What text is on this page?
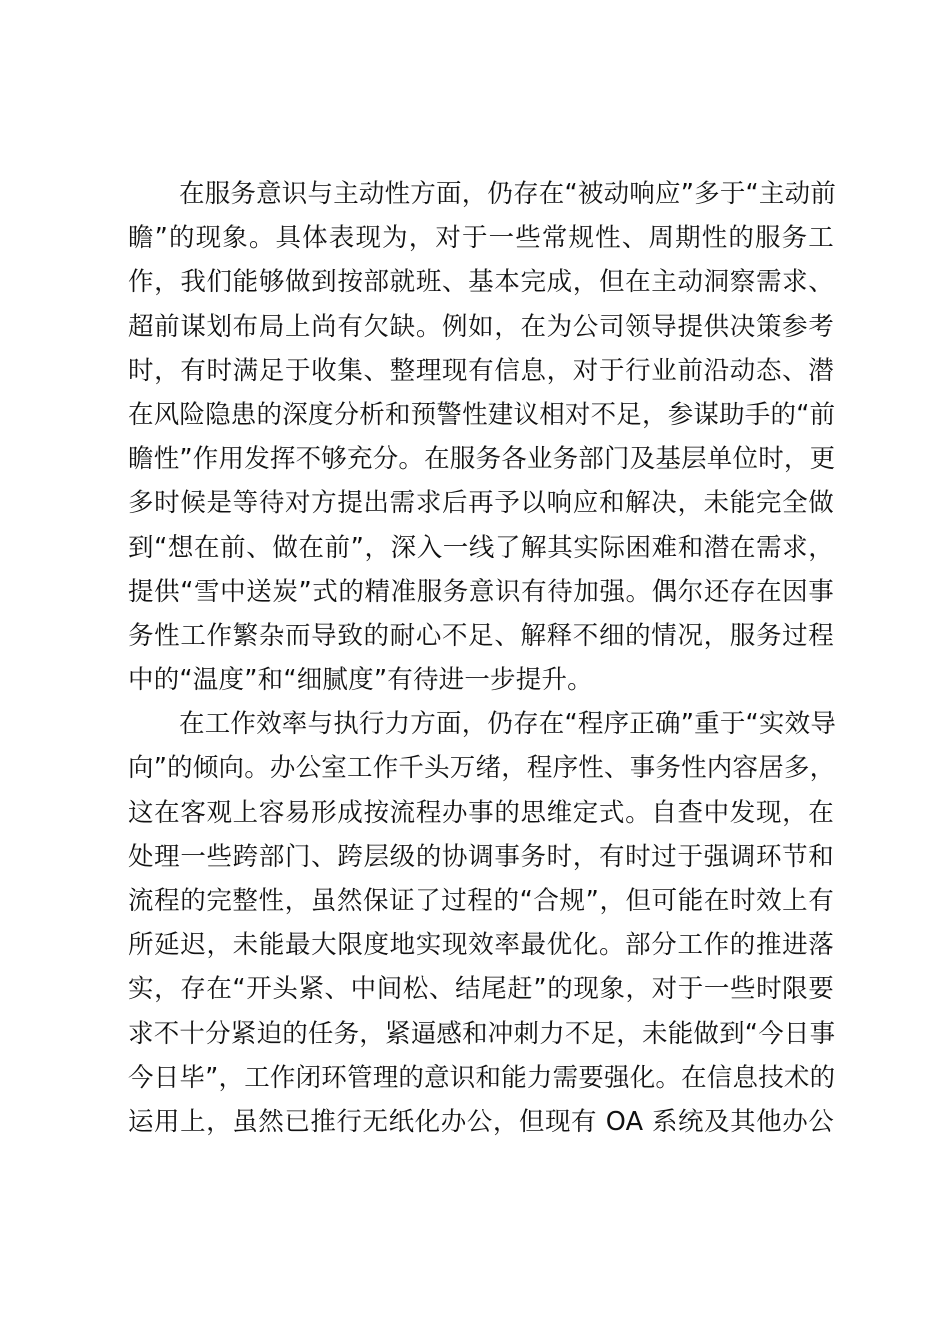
在服务意识与主动性方面，仍存在“被动响应”多于“主动前
瞻”的现象。具体表现为，对于一些常规性、周期性的服务工
作，我们能够做到按部就班、基本完成，但在主动洞察需求、
超前谋划布局上尚有欠缺。例如，在为公司领导提供决策参考
时，有时满足于收集、整理现有信息，对于行业前沿动态、潜
在风险隐患的深度分析和预警性建议相对不足，参谋助手的“前
瞻性”作用发挥不够充分。在服务各业务部门及基层单位时，更
多时候是等待对方提出需求后再予以响应和解决，未能完全做
到“想在前、做在前”，深入一线了解其实际困难和潜在需求，
提供“雪中送炭”式的精准服务意识有待加强。偶尔还存在因事
务性工作繁杂而导致的耐心不足、解释不细的情况，服务过程
中的“温度”和“细腻度”有待进一步提升。
在工作效率与执行力方面，仍存在“程序正确”重于“实效导
向”的倾向。办公室工作千头万绪，程序性、事务性内容居多，
这在客观上容易形成按流程办事的思维定式。自查中发现，在
处理一些跨部门、跨层级的协调事务时，有时过于强调环节和
流程的完整性，虽然保证了过程的“合规”，但可能在时效上有
所延迟，未能最大限度地实现效率最优化。部分工作的推进落
实，存在“开头紧、中间松、结尾赶”的现象，对于一些时限要
求不十分紧迫的任务，紧逼感和冲刺力不足，未能做到“今日事
今日毕”，工作闭环管理的意识和能力需要强化。在信息技术的
运用上，虽然已推行无纸化办公，但现有 OA 系统及其他办公
